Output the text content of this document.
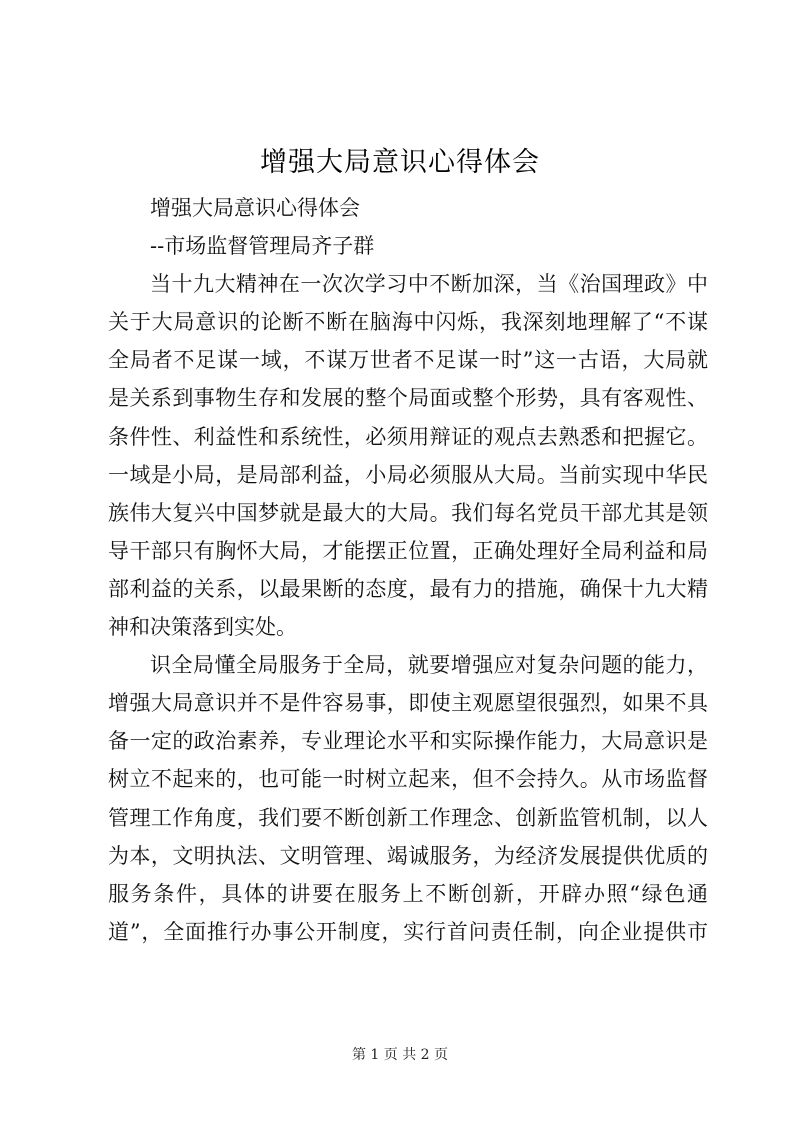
增强大局意识心得体会
增强大局意识心得体会
--市场监督管理局齐子群
当十九大精神在一次次学习中不断加深，当《治国理政》中
关于大局意识的论断不断在脑海中闪烁，我深刻地理解了“不谋
全局者不足谋一域，不谋万世者不足谋一时”这一古语，大局就
是关系到事物生存和发展的整个局面或整个形势，具有客观性、
条件性、利益性和系统性，必须用辩证的观点去熟悉和把握它。
一域是小局，是局部利益，小局必须服从大局。当前实现中华民
族伟大复兴中国梦就是最大的大局。我们每名党员干部尤其是领
导干部只有胸怀大局，才能摆正位置，正确处理好全局利益和局
部利益的关系，以最果断的态度，最有力的措施，确保十九大精
神和决策落到实处。
识全局懂全局服务于全局，就要增强应对复杂问题的能力，
增强大局意识并不是件容易事，即使主观愿望很强烈，如果不具
备一定的政治素养，专业理论水平和实际操作能力，大局意识是
树立不起来的，也可能一时树立起来，但不会持久。从市场监督
管理工作角度，我们要不断创新工作理念、创新监管机制，以人
为本，文明执法、文明管理、竭诚服务，为经济发展提供优质的
服务条件，具体的讲要在服务上不断创新，开辟办照“绿色通
道”，全面推行办事公开制度，实行首问责任制，向企业提供市
第 1 页 共 2 页
